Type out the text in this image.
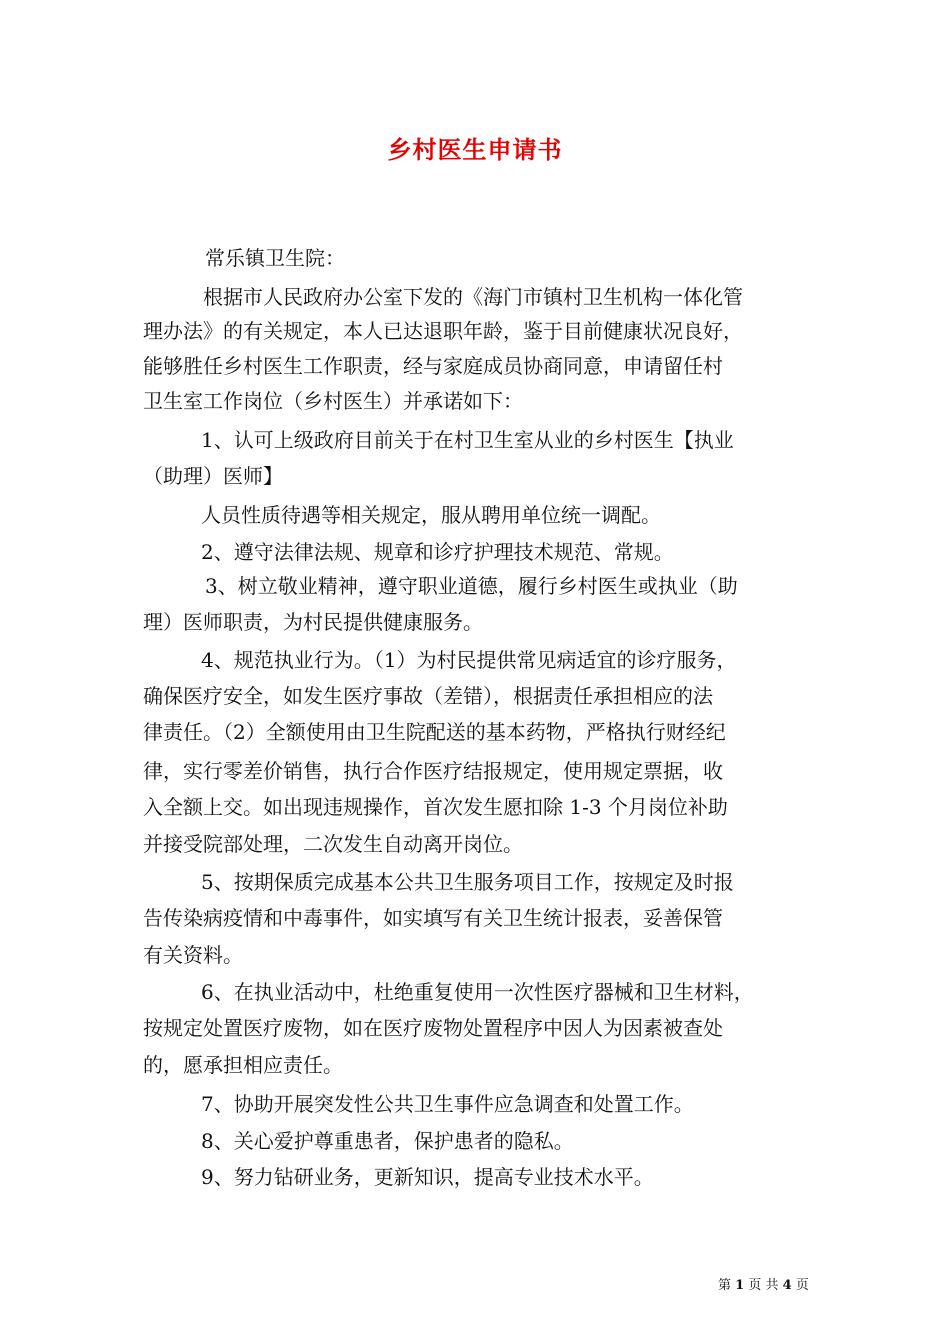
乡村医生申请书
常乐镇卫生院：
根据市人民政府办公室下发的《海门市镇村卫生机构一体化管
理办法》的有关规定，本人已达退职年龄，鉴于目前健康状况良好，
能够胜任乡村医生工作职责，经与家庭成员协商同意，申请留任村
卫生室工作岗位（乡村医生）并承诺如下：
1、认可上级政府目前关于在村卫生室从业的乡村医生【执业
（助理）医师】
人员性质待遇等相关规定，服从聘用单位统一调配。
2、遵守法律法规、规章和诊疗护理技术规范、常规。
3、树立敬业精神，遵守职业道德，履行乡村医生或执业（助
理）医师职责，为村民提供健康服务。
4、规范执业行为。（1）为村民提供常见病适宜的诊疗服务，
确保医疗安全，如发生医疗事故（差错），根据责任承担相应的法
律责任。（2）全额使用由卫生院配送的基本药物，严格执行财经纪
律，实行零差价销售，执行合作医疗结报规定，使用规定票据，收
入全额上交。如出现违规操作，首次发生愿扣除 1-3 个月岗位补助
并接受院部处理，二次发生自动离开岗位。
5、按期保质完成基本公共卫生服务项目工作，按规定及时报
告传染病疫情和中毒事件，如实填写有关卫生统计报表，妥善保管
有关资料。
6、在执业活动中，杜绝重复使用一次性医疗器械和卫生材料，
按规定处置医疗废物，如在医疗废物处置程序中因人为因素被查处
的，愿承担相应责任。
7、协助开展突发性公共卫生事件应急调查和处置工作。
8、关心爱护尊重患者，保护患者的隐私。
9、努力钻研业务，更新知识，提高专业技术水平。
第 1 页 共 4 页
